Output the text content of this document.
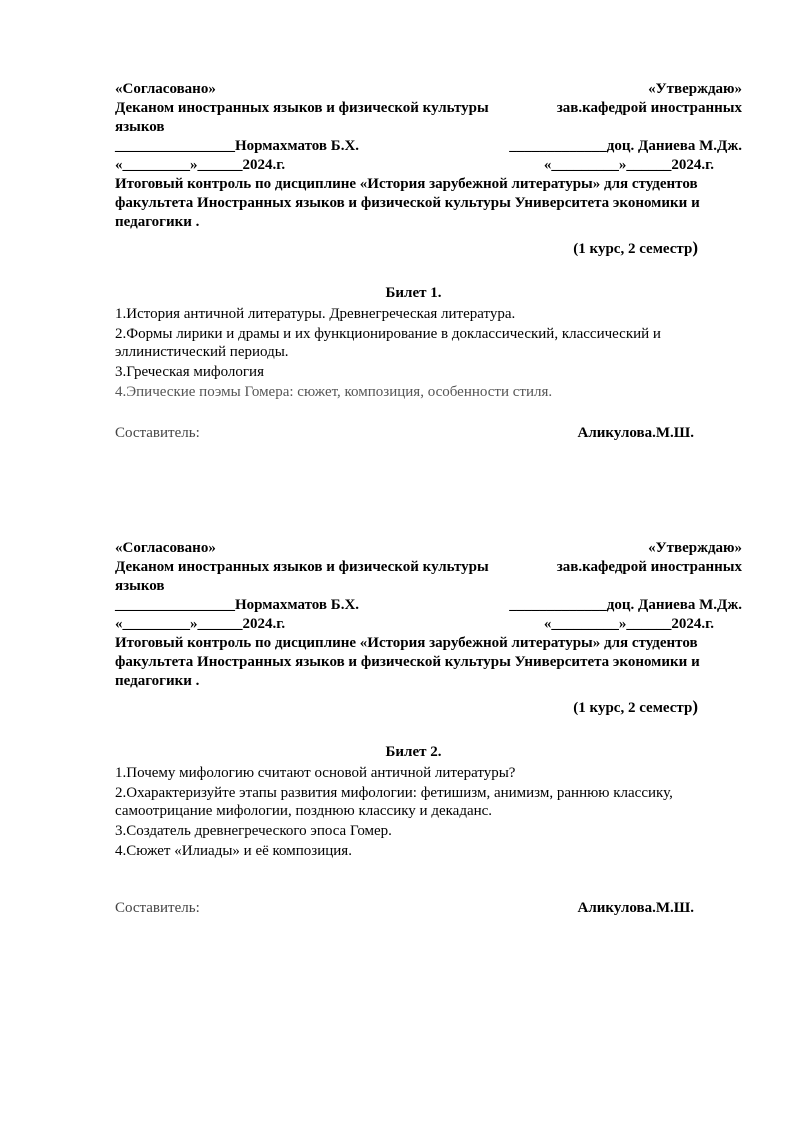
«Согласовано»	«Утверждаю»
Деканом иностранных языков и физической культуры	зав.кафедрой иностранных
языков
________________Нормахматов Б.Х.	_____________доц. Даниева М.Дж.
«_________»______2024.г.	«_________»______2024.г.
Итоговый контроль по дисциплине «История зарубежной литературы» для студентов факультета Иностранных языков и физической культуры Университета экономики и педагогики .
(1 курс, 2 семестр)
Билет 1.
1.История античной литературы. Древнегреческая литература.
2.Формы лирики и драмы и их функционирование в доклассический, классический и эллинистический периоды.
3.Греческая мифология
4.Эпические поэмы Гомера: сюжет, композиция, особенности стиля.
Составитель:	Аликулова.М.Ш.
«Согласовано»	«Утверждаю»
Деканом иностранных языков и физической культуры	зав.кафедрой иностранных
языков
________________Нормахматов Б.Х.	_____________доц. Даниева М.Дж.
«_________»______2024.г.	«_________»______2024.г.
Итоговый контроль по дисциплине «История зарубежной литературы» для студентов факультета Иностранных языков и физической культуры Университета экономики и педагогики .
(1 курс, 2 семестр)
Билет 2.
1.Почему мифологию считают основой античной литературы?
2.Охарактеризуйте этапы развития мифологии: фетишизм, анимизм, раннюю классику, самоотрицание мифологии, позднюю классику и декаданс.
3.Создатель древнегреческого эпоса Гомер.
4.Сюжет «Илиады» и её композиция.
Составитель:	Аликулова.М.Ш.
